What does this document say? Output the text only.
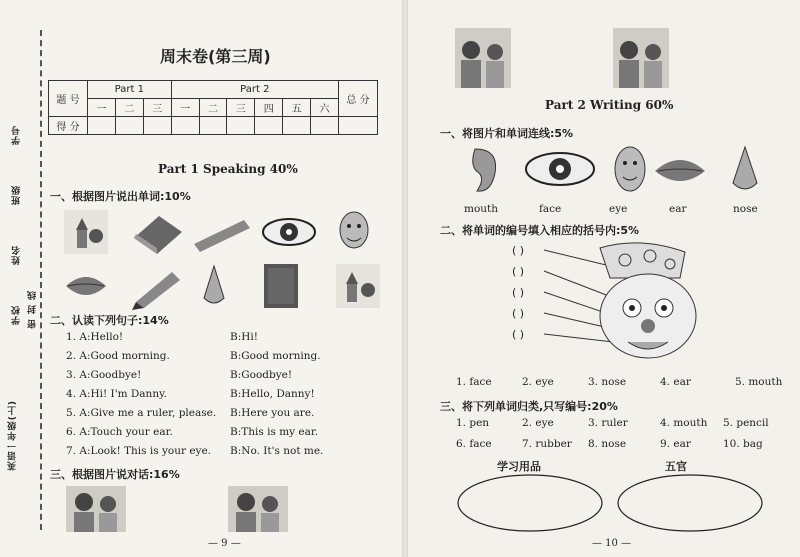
英语一年级(上)
密 封 线
学校
姓名
班级
学号
周末卷(第三周)
题 号	Part 1			Part 2						总 分
	一	二	三	一	二	三	四	五	六	
得 分										
Part 1 Speaking 40%
一、根据图片说出单词:10%
二、认读下列句子:14%
1. A:Hello!	B:Hi!
2. A:Good morning.	B:Good morning.
3. A:Goodbye!	B:Goodbye!
4. A:Hi! I'm Danny.	B:Hello, Danny!
5. A:Give me a ruler, please. B:Here you are.
6. A:Touch your ear.	B:This is my ear.
7. A:Look! This is your eye. B:No. It's not me.
三、根据图片说对话:16%
— 9 —
Part 2 Writing 60%
一、将图片和单词连线:5%
mouth	face	eye	ear	nose
二、将单词的编号填入相应的括号内:5%
( )
( )
( )
( )
( )
1. face	2. eye	3. nose	4. ear	5. mouth
三、将下列单词归类,只写编号:20%
1. pen	2. eye	3. ruler	4. mouth 5. pencil
6. face	7. rubber 8. nose	9. ear	10. bag
学习用品	五官
— 10 —
